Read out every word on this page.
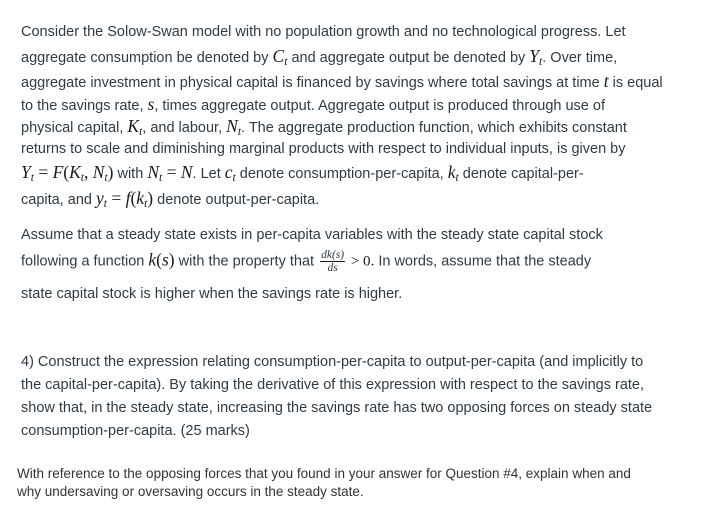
Consider the Solow-Swan model with no population growth and no technological progress. Let
aggregate consumption be denoted by $C_t$ and aggregate output be denoted by $Y_t$. Over time,
aggregate investment in physical capital is financed by savings where total savings at time t is equal
to the savings rate, s, times aggregate output. Aggregate output is produced through use of
physical capital, $K_t$, and labour, $N_t$. The aggregate production function, which exhibits constant
returns to scale and diminishing marginal products with respect to individual inputs, is given by
$Y_t = F(K_t$, $N_t$) with $N_t = N$. Let $c_t$ denote consumption-per-capita, $k_t$ denote capital-per-
capita, and $y_t = f(k_t)$ denote output-per-capita.
Assume that a steady state exists in per-capita variables with the steady state capital stock
following a function k(s) with the property that $\frac{dk(s)}{ds} > 0$. In words, assume that the steady
state capital stock is higher when the savings rate is higher.
4) Construct the expression relating consumption-per-capita to output-per-capita (and implicitly to
the capital-per-capita). By taking the derivative of this expression with respect to the savings rate,
show that, in the steady state, increasing the savings rate has two opposing forces on steady state
consumption-per-capita. (25 marks)
With reference to the opposing forces that you found in your answer for Question #4, explain when and
why undersaving or oversaving occurs in the steady state.
